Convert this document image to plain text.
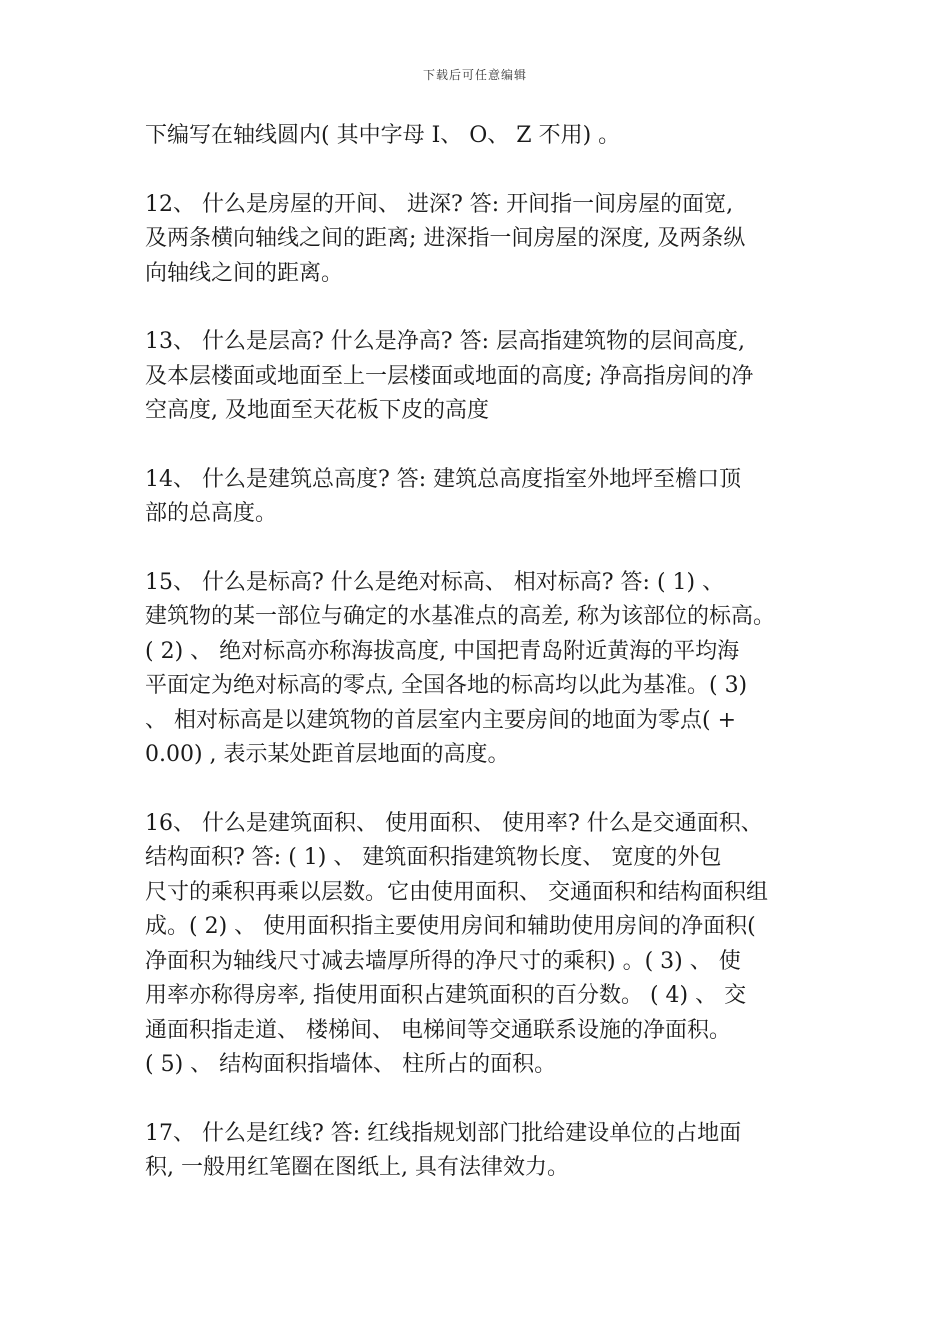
下载后可任意编辑
下编写在轴线圆内( 其中字母 I、 O、 Z 不用) 。
12、 什么是房屋的开间、 进深? 答: 开间指一间房屋的面宽,
及两条横向轴线之间的距离; 进深指一间房屋的深度, 及两条纵
向轴线之间的距离。
13、 什么是层高? 什么是净高? 答: 层高指建筑物的层间高度,
及本层楼面或地面至上一层楼面或地面的高度; 净高指房间的净
空高度, 及地面至天花板下皮的高度
14、 什么是建筑总高度? 答: 建筑总高度指室外地坪至檐口顶
部的总高度。
15、 什么是标高? 什么是绝对标高、 相对标高? 答: ( 1) 、
建筑物的某一部位与确定的水基准点的高差, 称为该部位的标高。
( 2) 、 绝对标高亦称海拔高度, 中国把青岛附近黄海的平均海
平面定为绝对标高的零点, 全国各地的标高均以此为基准。( 3)
、 相对标高是以建筑物的首层室内主要房间的地面为零点( +
0.00) , 表示某处距首层地面的高度。
16、 什么是建筑面积、 使用面积、 使用率? 什么是交通面积、
结构面积? 答: ( 1) 、 建筑面积指建筑物长度、 宽度的外包
尺寸的乘积再乘以层数。它由使用面积、 交通面积和结构面积组
成。( 2) 、 使用面积指主要使用房间和辅助使用房间的净面积(
净面积为轴线尺寸减去墙厚所得的净尺寸的乘积) 。( 3) 、 使
用率亦称得房率, 指使用面积占建筑面积的百分数。 ( 4) 、 交
通面积指走道、 楼梯间、 电梯间等交通联系设施的净面积。
( 5) 、 结构面积指墙体、 柱所占的面积。
17、 什么是红线? 答: 红线指规划部门批给建设单位的占地面
积, 一般用红笔圈在图纸上, 具有法律效力。
